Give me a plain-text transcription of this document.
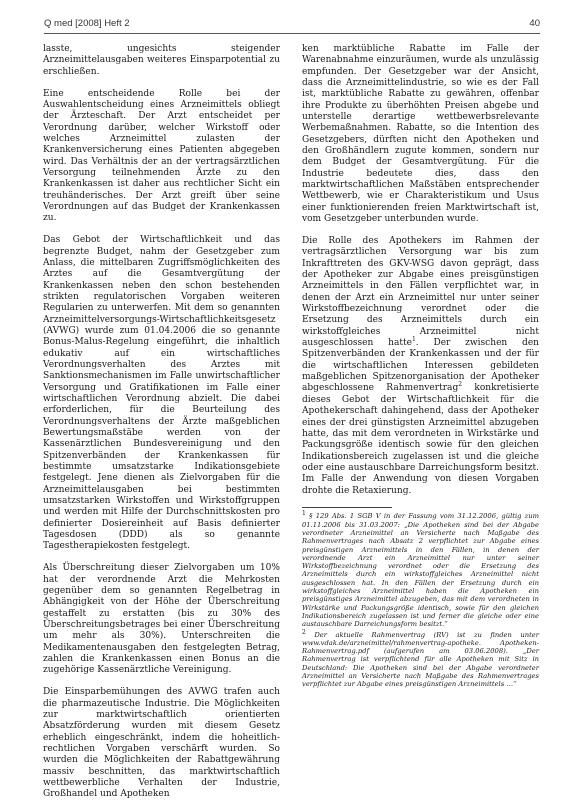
Q med [2008] Heft 2	40

lasste, ungesichts steigender Arzneimittelausgaben weiteres Einsparpotential zu erschließen.

Eine entscheidende Rolle bei der Auswahlentscheidung eines Arzneimittels obliegt der Ärzteschaft. Der Arzt entscheidet per Verordnung darüber, welcher Wirkstoff oder welches Arzneimittel zulasten der Krankenversicherung eines Patienten abgegeben wird. Das Verhältnis der an der vertragsärztlichen Versorgung teilnehmenden Ärzte zu den Krankenkassen ist daher aus rechtlicher Sicht ein treuhänderisches. Der Arzt greift über seine Verordnungen auf das Budget der Krankenkassen zu.

Das Gebot der Wirtschaftlichkeit und das begrenzte Budget, nahm der Gesetzgeber zum Anlass, die mittelbaren Zugriffsmöglichkeiten des Arztes auf die Gesamtvergütung der Krankenkassen neben den schon bestehenden strikten regulatorischen Vorgaben weiteren Regularien zu unterwerfen. Mit dem so genannten Arzneimittelversorgungs-Wirtschaftlichkeitsgesetz (AVWG) wurde zum 01.04.2006 die so genannte Bonus-Malus-Regelung eingeführt, die inhaltlich edukativ auf ein wirtschaftliches Verordnungsverhalten des Arztes mit Sanktionsmechanismen im Falle unwirtschaftlicher Versorgung und Gratifikationen im Falle einer wirtschaftlichen Verordnung abzielt. Die dabei erforderlichen, für die Beurteilung des Verordnungsverhaltens der Ärzte maßgeblichen Bewertungsmaßstäbe werden von der Kassenärztlichen Bundesvereinigung und den Spitzenverbänden der Krankenkassen für bestimmte umsatzstarke Indikationsgebiete festgelegt. Jene dienen als Zielvorgaben für die Arzneimittelausgaben bei bestimmten umsatzstarken Wirkstoffen und Wirkstoffgruppen und werden mit Hilfe der Durchschnittskosten pro definierter Dosiereinheit auf Basis definierter Tagesdosen (DDD) als so genannte Tagestherapiekosten festgelegt.

Als Überschreitung dieser Zielvorgaben um 10% hat der verordnende Arzt die Mehrkosten gegenüber dem so genannten Regelbetrag in Abhängigkeit von der Höhe der Überschreitung gestaffelt zu erstatten (bis zu 30% des Überschreitungsbetrages bei einer Überschreitung um mehr als 30%). Unterschreiten die Medikamentenausgaben den festgelegten Betrag, zahlen die Krankenkassen einen Bonus an die zugehörige Kassenärztliche Vereinigung.

Die Einsparbemühungen des AVWG trafen auch die pharmazeutische Industrie. Die Möglichkeiten zur marktwirtschaftlich orientierten Absatzförderung wurden mit diesem Gesetz erheblich eingeschränkt, indem die hoheitlich-rechtlichen Vorgaben verschärft wurden. So wurden die Möglichkeiten der Rabattgewährung massiv beschnitten, das marktwirtschaftlich wettbewerbliche Verhalten der Industrie, Großhandel und Apotheken

ken marktübliche Rabatte im Falle der Warenabnahme einzuräumen, wurde als unzulässig empfunden. Der Gesetzgeber war der Ansicht, dass die Arzneimittelindustrie, so wie es der Fall ist, marktübliche Rabatte zu gewähren, offenbar ihre Produkte zu überhöhten Preisen abgebe und unterstelle derartige wettbewerbsrelevante Werbemaßnahmen. Rabatte, so die Intention des Gesetzgebers, dürften nicht den Apotheken und den Großhändlern zugute kommen, sondern nur dem Budget der Gesamtvergütung. Für die Industrie bedeutete dies, dass den marktwirtschaftlichen Maßstäben entsprechender Wettbewerb, wie er Charakteristikum und Usus einer funktionierenden freien Marktwirtschaft ist, vom Gesetzgeber unterbunden wurde.

Die Rolle des Apothekers im Rahmen der vertragsärztlichen Versorgung war bis zum Inkrafttreten des GKV-WSG davon geprägt, dass der Apotheker zur Abgabe eines preisgünstigen Arzneimittels in den Fällen verpflichtet war, in denen der Arzt ein Arzneimittel nur unter seiner Wirkstoffbezeichnung verordnet oder die Ersetzung des Arzneimittels durch ein wirkstoffgleiches Arzneimittel nicht ausgeschlossen hatte$^1$. Der zwischen den Spitzenverbänden der Krankenkassen und der für die wirtschaftlichen Interessen gebildeten maßgeblichen Spitzenorganisation der Apotheker abgeschlossene Rahmenvertrag$^2$ konkretisierte dieses Gebot der Wirtschaftlichkeit für die Apothekerschaft dahingehend, dass der Apotheker eines der drei günstigsten Arzneimittel abzugeben hatte, das mit dem verordneten in Wirkstärke und Packungsgröße identisch sowie für den gleichen Indikationsbereich zugelassen ist und die gleiche oder eine austauschbare Darreichungsform besitzt. Im Falle der Anwendung von diesen Vorgaben drohte die Retaxierung.

1 § 129 Abs. 1 SGB V in der Fassung vom 31.12.2006, gültig zum 01.11.2006 bis 31.03.2007: „Die Apotheken sind bei der Abgabe verordneter Arzneimittel an Versicherte nach Maßgabe des Rahmenvertrages nach Absatz 2 verpflichtet zur Abgabe eines preisgünstigen Arzneimittels in den Fällen, in denen der verordnende Arzt ein Arzneimittel nur unter seiner Wirkstoffbezeichnung verordnet oder die Ersetzung des Arzneimittels durch ein wirkstoffgleiches Arzneimittel nicht ausgeschlossen hat. In den Fällen der Ersetzung durch ein wirkstoffgleiches Arzneimittel haben die Apotheken ein preisgünstiges Arzneimittel abzugeben, das mit dem verordneten in Wirkstärke und Packungsgröße identisch, sowie für den gleichen Indikationsbereich zugelassen ist und ferner die gleiche oder eine austauschbare Darreichungsform besitzt.“

2 Der aktuelle Rahmenvertrag (RV) ist zu finden unter www.vdak.de/arzneimittel/rahmenvertrag-apotheke. Apotheken-Rahmenvertrag.pdf (aufgerufen am 03.06.2008). „Der Rahmenvertrag ist verpflichtend für alle Apotheken mit Sitz in Deutschland: Die Apotheken sind bei der Abgabe verordneter Arzneimittel an Versicherte nach Maßgabe des Rahmenvertrages verpflichtet zur Abgabe eines preisgünstigen Arzneimittels …“
